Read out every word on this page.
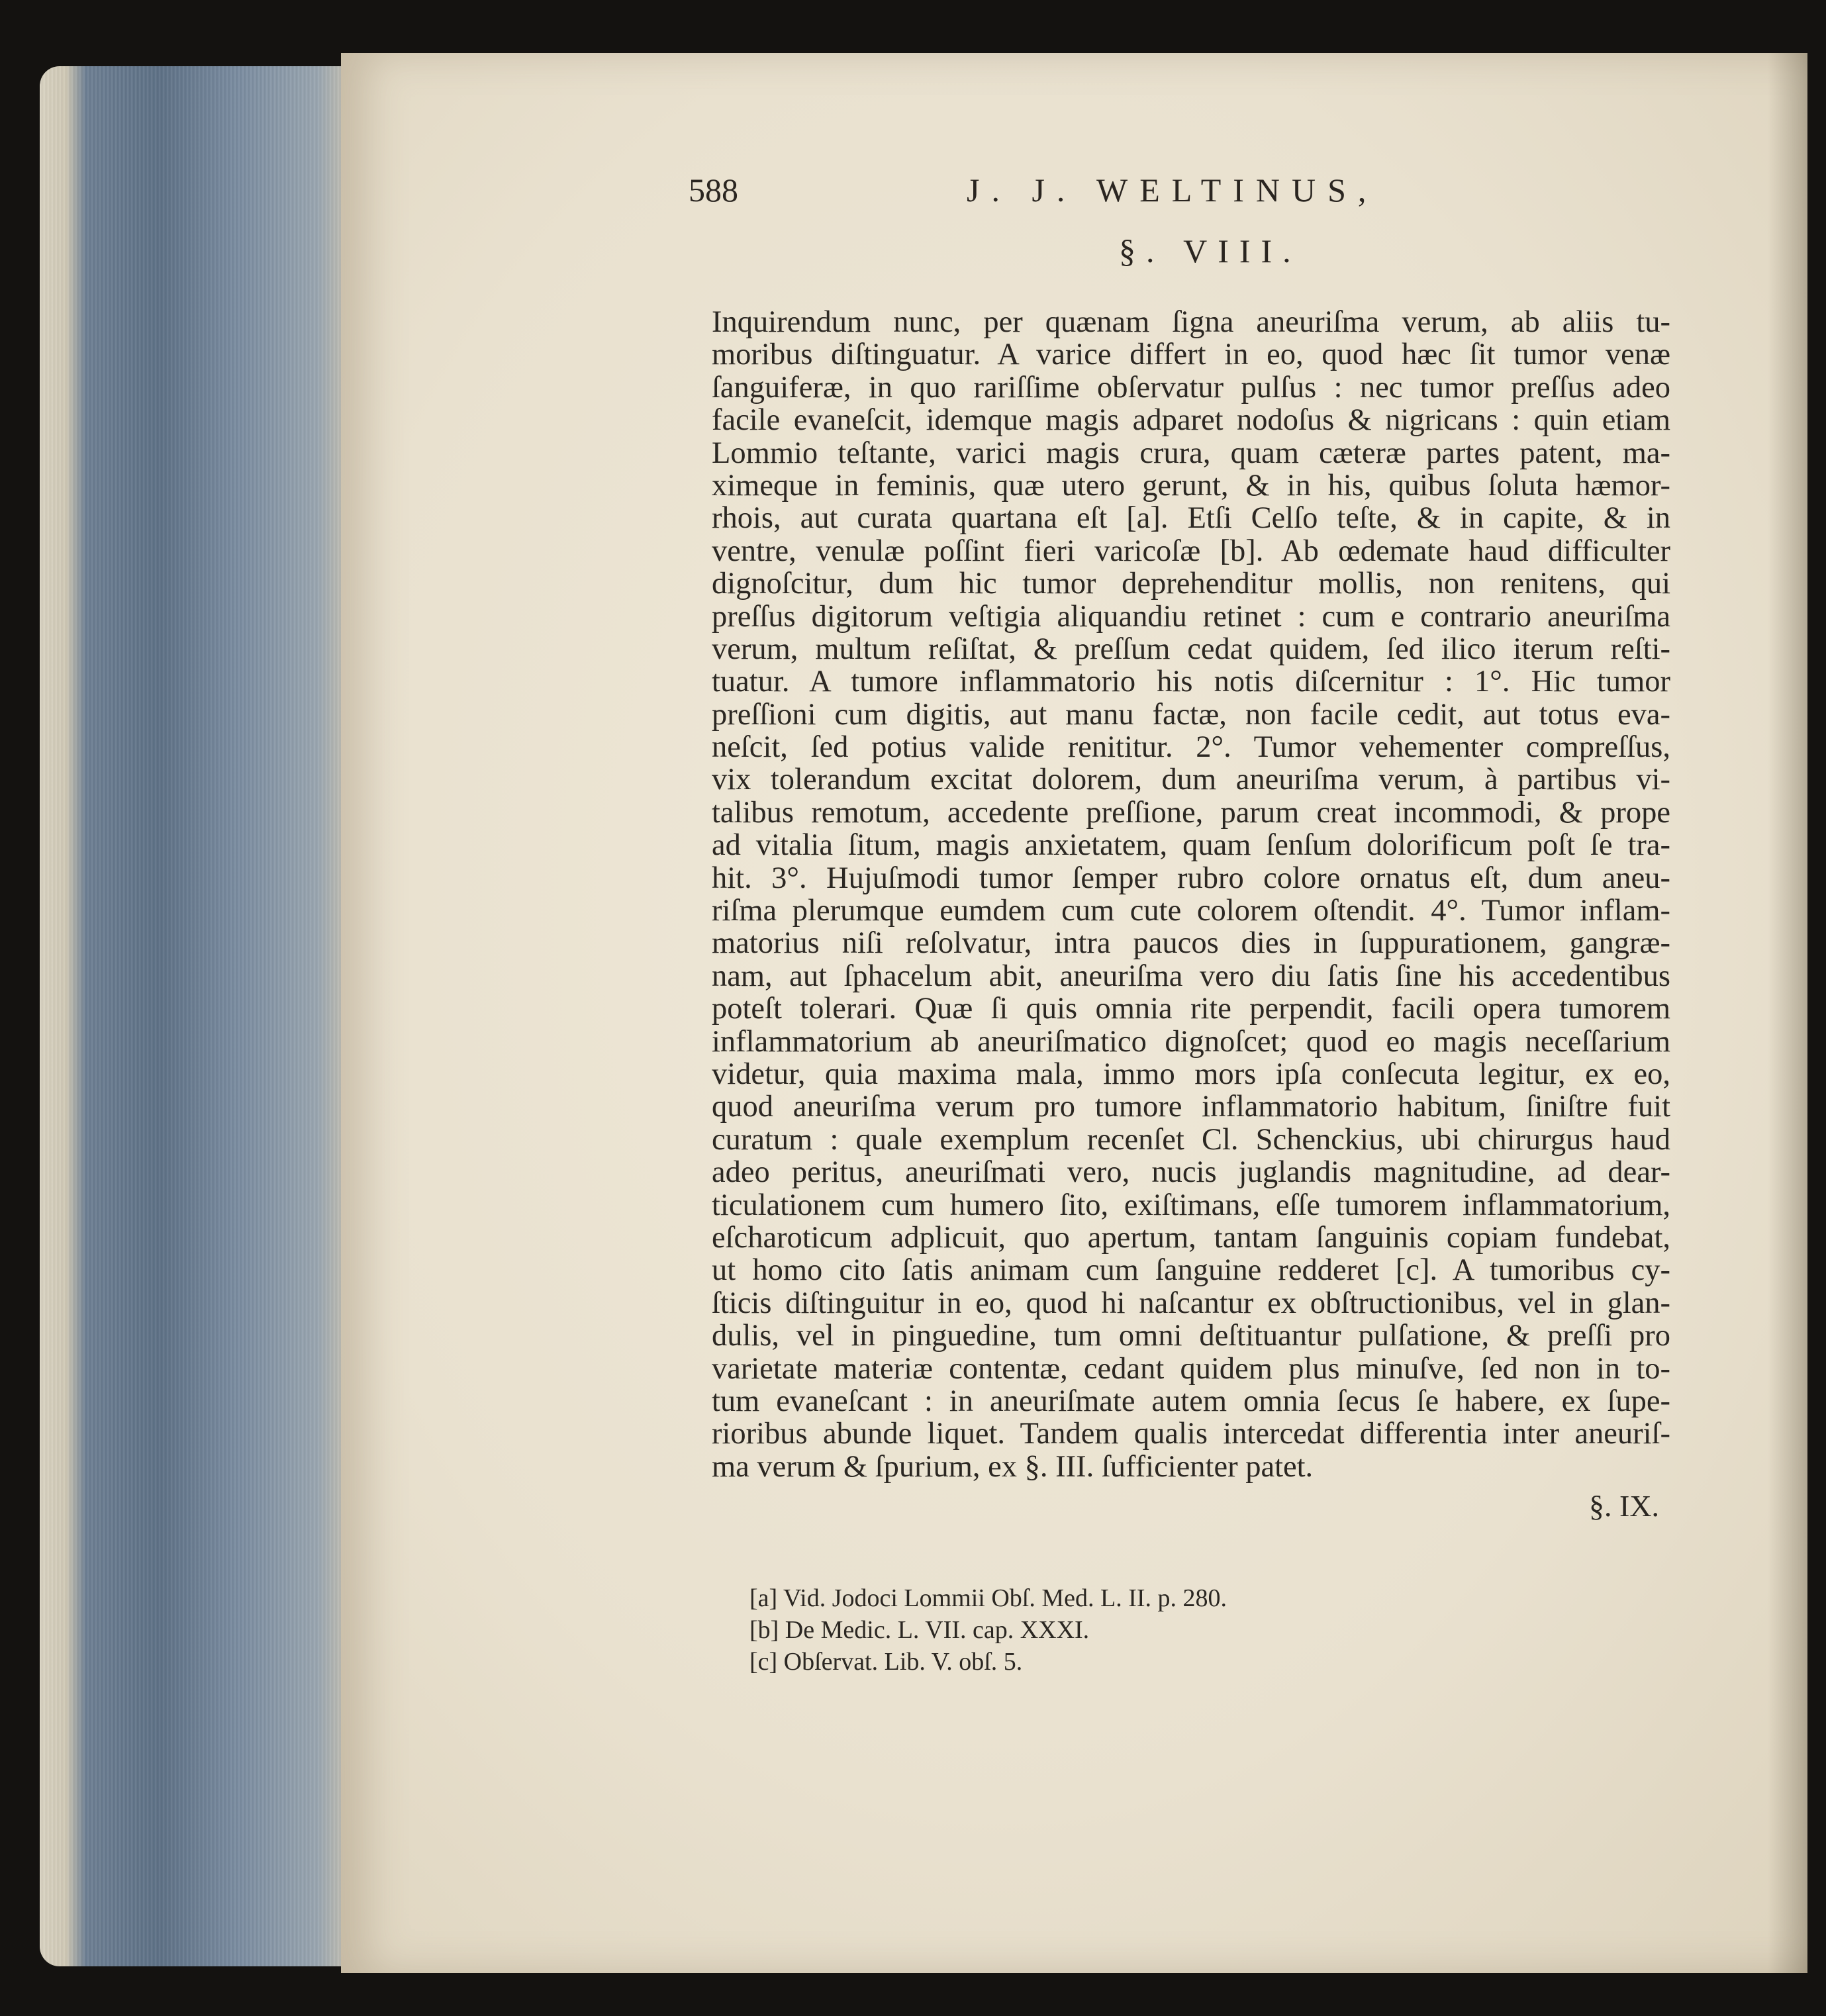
588	J. J. WELTINUS,
§. VIII.
Inquirendum nunc, per quænam ſigna aneuriſma verum, ab aliis tu-
moribus diſtinguatur. A varice differt in eo, quod hæc ſit tumor venæ
ſanguiferæ, in quo rariſſime obſervatur pulſus : nec tumor preſſus adeo
facile evaneſcit, idemque magis adparet nodoſus & nigricans : quin etiam
Lommio teſtante, varici magis crura, quam cæteræ partes patent, ma-
ximeque in feminis, quæ utero gerunt, & in his, quibus ſoluta hæmor-
rhois, aut curata quartana eſt [a]. Etſi Celſo teſte, & in capite, & in
ventre, venulæ poſſint fieri varicoſæ [b]. Ab œdemate haud difficulter
dignoſcitur, dum hic tumor deprehenditur mollis, non renitens, qui
preſſus digitorum veſtigia aliquandiu retinet : cum e contrario aneuriſma
verum, multum reſiſtat, & preſſum cedat quidem, ſed ilico iterum reſti-
tuatur. A tumore inflammatorio his notis diſcernitur : 1°. Hic tumor
preſſioni cum digitis, aut manu factæ, non facile cedit, aut totus eva-
neſcit, ſed potius valide renititur. 2°. Tumor vehementer compreſſus,
vix tolerandum excitat dolorem, dum aneuriſma verum, à partibus vi-
talibus remotum, accedente preſſione, parum creat incommodi, & prope
ad vitalia ſitum, magis anxietatem, quam ſenſum dolorificum poſt ſe tra-
hit. 3°. Hujuſmodi tumor ſemper rubro colore ornatus eſt, dum aneu-
riſma plerumque eumdem cum cute colorem oſtendit. 4°. Tumor inflam-
matorius niſi reſolvatur, intra paucos dies in ſuppurationem, gangræ-
nam, aut ſphacelum abit, aneuriſma vero diu ſatis ſine his accedentibus
poteſt tolerari. Quæ ſi quis omnia rite perpendit, facili opera tumorem
inflammatorium ab aneuriſmatico dignoſcet; quod eo magis neceſſarium
videtur, quia maxima mala, immo mors ipſa conſecuta legitur, ex eo,
quod aneuriſma verum pro tumore inflammatorio habitum, ſiniſtre fuit
curatum : quale exemplum recenſet Cl. Schenckius, ubi chirurgus haud
adeo peritus, aneuriſmati vero, nucis juglandis magnitudine, ad dear-
ticulationem cum humero ſito, exiſtimans, eſſe tumorem inflammatorium,
eſcharoticum adplicuit, quo apertum, tantam ſanguinis copiam fundebat,
ut homo cito ſatis animam cum ſanguine redderet [c]. A tumoribus cy-
ſticis diſtinguitur in eo, quod hi naſcantur ex obſtructionibus, vel in glan-
dulis, vel in pinguedine, tum omni deſtituantur pulſatione, & preſſi pro
varietate materiæ contentæ, cedant quidem plus minuſve, ſed non in to-
tum evaneſcant : in aneuriſmate autem omnia ſecus ſe habere, ex ſupe-
rioribus abunde liquet. Tandem qualis intercedat differentia inter aneuriſ-
ma verum & ſpurium, ex §. III. ſufficienter patet.
§. IX.
[a] Vid. Jodoci Lommii Obſ. Med. L. II. p. 280.
[b] De Medic. L. VII. cap. XXXI.
[c] Obſervat. Lib. V. obſ. 5.
